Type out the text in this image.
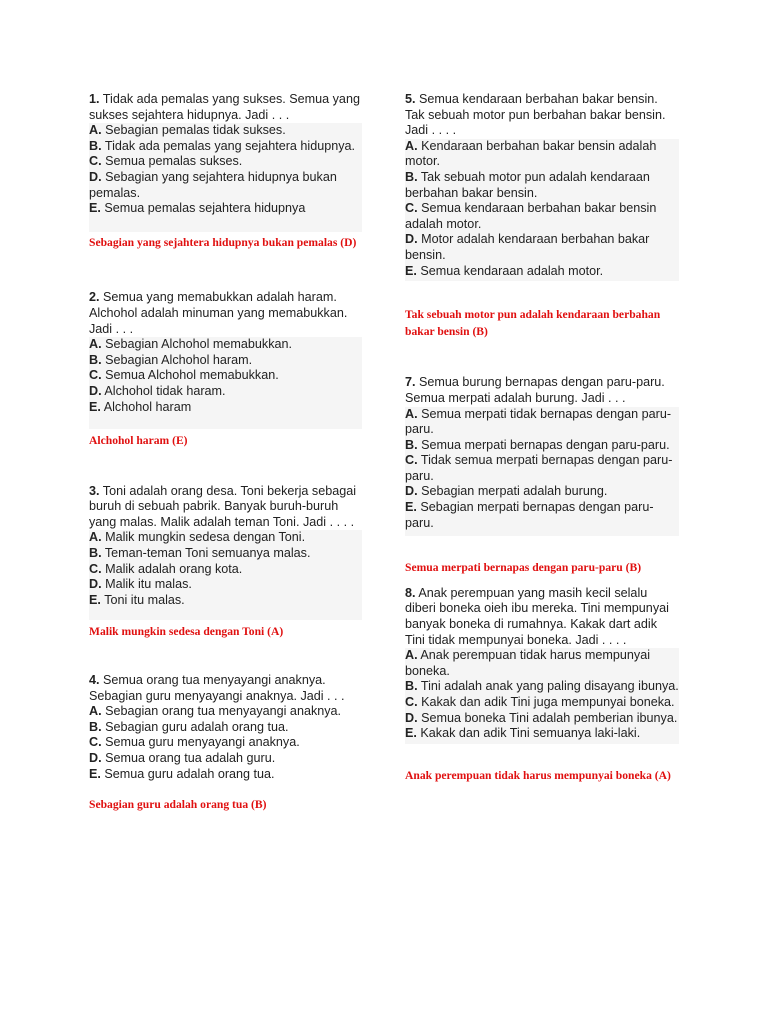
1. Tidak ada pemalas yang sukses. Semua yang sukses sejahtera hidupnya. Jadi . . .
A. Sebagian pemalas tidak sukses.
B. Tidak ada pemalas yang sejahtera hidupnya.
C. Semua pemalas sukses.
D. Sebagian yang sejahtera hidupnya bukan pemalas.
E. Semua pemalas sejahtera hidupnya
Sebagian yang sejahtera hidupnya bukan pemalas (D)
2. Semua yang memabukkan adalah haram. Alchohol adalah minuman yang memabukkan. Jadi . . .
A. Sebagian Alchohol memabukkan.
B. Sebagian Alchohol haram.
C. Semua Alchohol memabukkan.
D. Alchohol tidak haram.
E. Alchohol haram
Alchohol haram (E)
3. Toni adalah orang desa. Toni bekerja sebagai buruh di sebuah pabrik. Banyak buruh-buruh yang malas. Malik adalah teman Toni. Jadi . . . .
A. Malik mungkin sedesa dengan Toni.
B. Teman-teman Toni semuanya malas.
C. Malik adalah orang kota.
D. Malik itu malas.
E. Toni itu malas.
Malik mungkin sedesa dengan Toni (A)
4. Semua orang tua menyayangi anaknya. Sebagian guru menyayangi anaknya. Jadi . . .
A. Sebagian orang tua menyayangi anaknya.
B. Sebagian guru adalah orang tua.
C. Semua guru menyayangi anaknya.
D. Semua orang tua adalah guru.
E. Semua guru adalah orang tua.
Sebagian guru adalah orang tua (B)
5. Semua kendaraan berbahan bakar bensin. Tak sebuah motor pun berbahan bakar bensin. Jadi . . . .
A. Kendaraan berbahan bakar bensin adalah motor.
B. Tak sebuah motor pun adalah kendaraan berbahan bakar bensin.
C. Semua kendaraan berbahan bakar bensin adalah motor.
D. Motor adalah kendaraan berbahan bakar bensin.
E. Semua kendaraan adalah motor.
Tak sebuah motor pun adalah kendaraan berbahan bakar bensin (B)
7. Semua burung bernapas dengan paru-paru. Semua merpati adalah burung. Jadi . . .
A. Semua merpati tidak bernapas dengan paru-paru.
B. Semua merpati bernapas dengan paru-paru.
C. Tidak semua merpati bernapas dengan paru-paru.
D. Sebagian merpati adalah burung.
E. Sebagian merpati bernapas dengan paru-paru.
Semua merpati bernapas dengan paru-paru (B)
8. Anak perempuan yang masih kecil selalu diberi boneka oieh ibu mereka. Tini mempunyai banyak boneka di rumahnya. Kakak dart adik Tini tidak mempunyai boneka. Jadi . . . .
A. Anak perempuan tidak harus mempunyai boneka.
B. Tini adalah anak yang paling disayang ibunya.
C. Kakak dan adik Tini juga mempunyai boneka.
D. Semua boneka Tini adalah pemberian ibunya.
E. Kakak dan adik Tini semuanya laki-laki.
Anak perempuan tidak harus mempunyai boneka (A)
